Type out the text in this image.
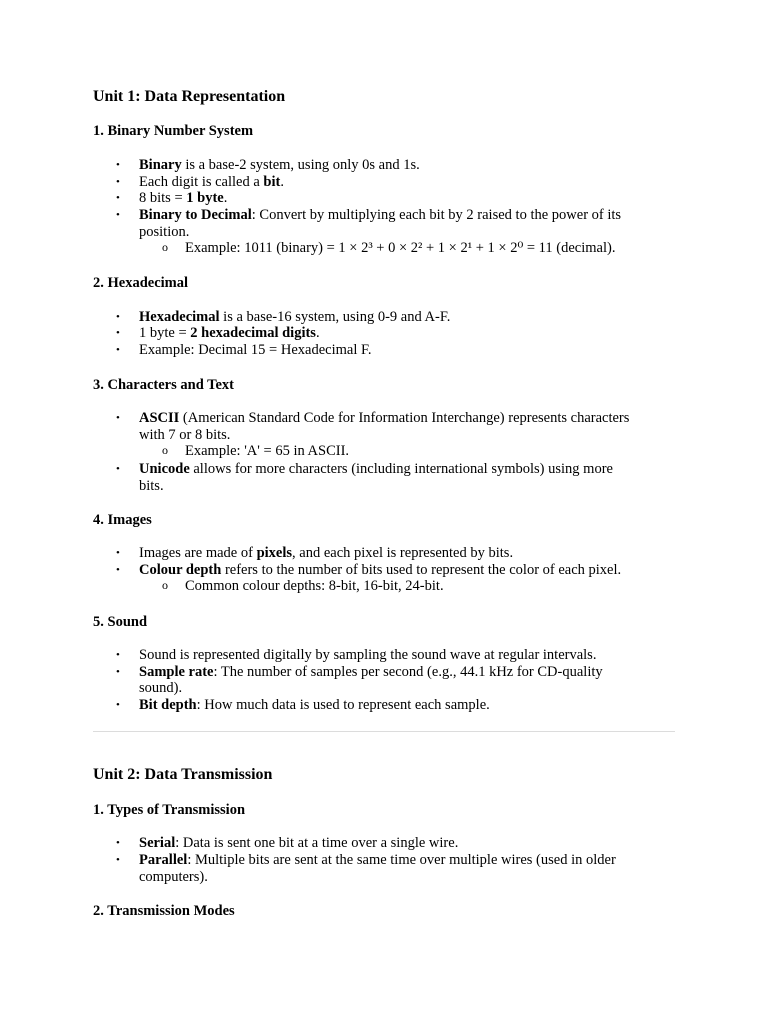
Unit 1: Data Representation
1. Binary Number System
• Binary is a base-2 system, using only 0s and 1s.
• Each digit is called a bit.
• 8 bits = 1 byte.
• Binary to Decimal: Convert by multiplying each bit by 2 raised to the power of its
position.
o Example: 1011 (binary) = 1 × 2³ + 0 × 2² + 1 × 2¹ + 1 × 2⁰ = 11 (decimal).
2. Hexadecimal
• Hexadecimal is a base-16 system, using 0-9 and A-F.
• 1 byte = 2 hexadecimal digits.
• Example: Decimal 15 = Hexadecimal F.
3. Characters and Text
• ASCII (American Standard Code for Information Interchange) represents characters
with 7 or 8 bits.
o Example: 'A' = 65 in ASCII.
• Unicode allows for more characters (including international symbols) using more
bits.
4. Images
• Images are made of pixels, and each pixel is represented by bits.
• Colour depth refers to the number of bits used to represent the color of each pixel.
o Common colour depths: 8-bit, 16-bit, 24-bit.
5. Sound
• Sound is represented digitally by sampling the sound wave at regular intervals.
• Sample rate: The number of samples per second (e.g., 44.1 kHz for CD-quality
sound).
• Bit depth: How much data is used to represent each sample.
Unit 2: Data Transmission
1. Types of Transmission
• Serial: Data is sent one bit at a time over a single wire.
• Parallel: Multiple bits are sent at the same time over multiple wires (used in older
computers).
2. Transmission Modes
